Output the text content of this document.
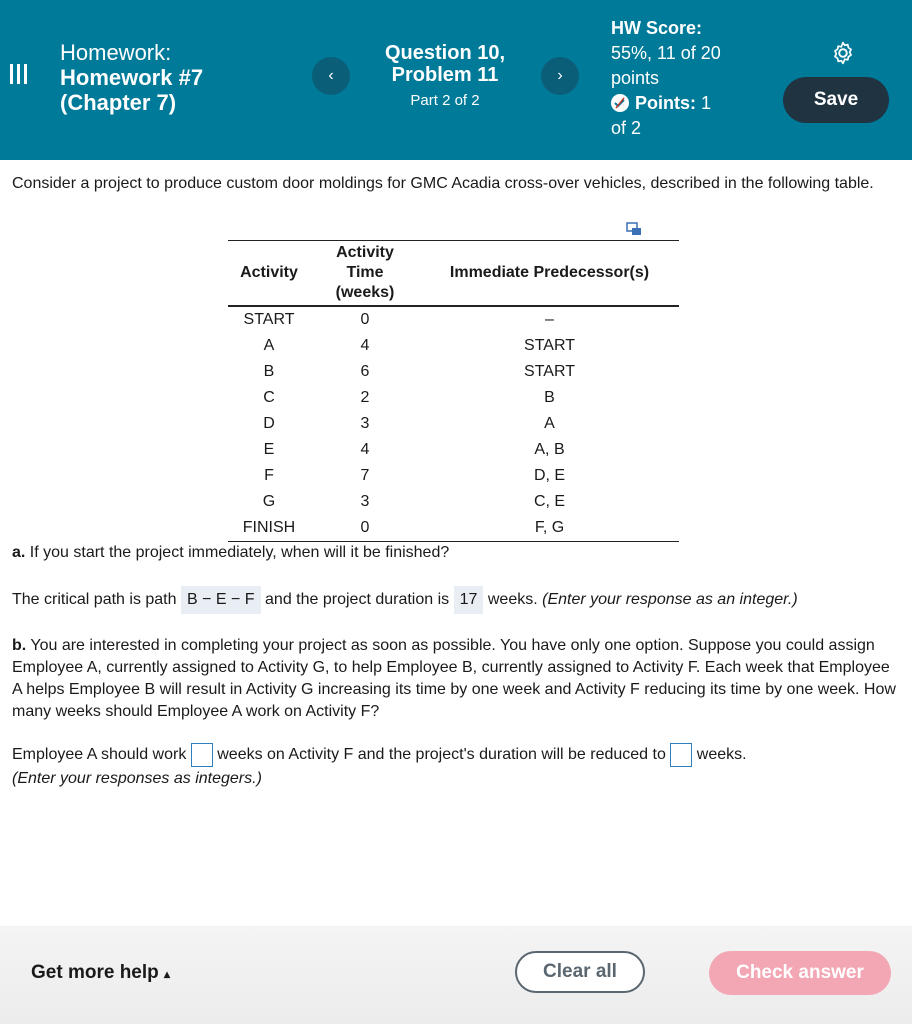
Homework:
Homework #7
(Chapter 7)
‹
Question 10,
Problem 11
Part 2 of 2
›
HW Score:
55%, 11 of 20
points
Points: 1
of 2
Save
Consider a project to produce custom door moldings for GMC Acadia cross-over vehicles, described in the following table.
Activity	Activity Time (weeks)	Immediate Predecessor(s)
START	0	–
A	4	START
B	6	START
C	2	B
D	3	A
E	4	A, B
F	7	D, E
G	3	C, E
FINISH	0	F, G
a. If you start the project immediately, when will it be finished?
The critical path is path B − E − F and the project duration is 17 weeks. (Enter your response as an integer.)
b. You are interested in completing your project as soon as possible. You have only one option. Suppose you could assign Employee A, currently assigned to Activity G, to help Employee B, currently assigned to Activity F. Each week that Employee A helps Employee B will result in Activity G increasing its time by one week and Activity F reducing its time by one week. How many weeks should Employee A work on Activity F?
Employee A should work weeks on Activity F and the project's duration will be reduced to weeks.
(Enter your responses as integers.)
Get more help ▴	Clear all	Check answer
